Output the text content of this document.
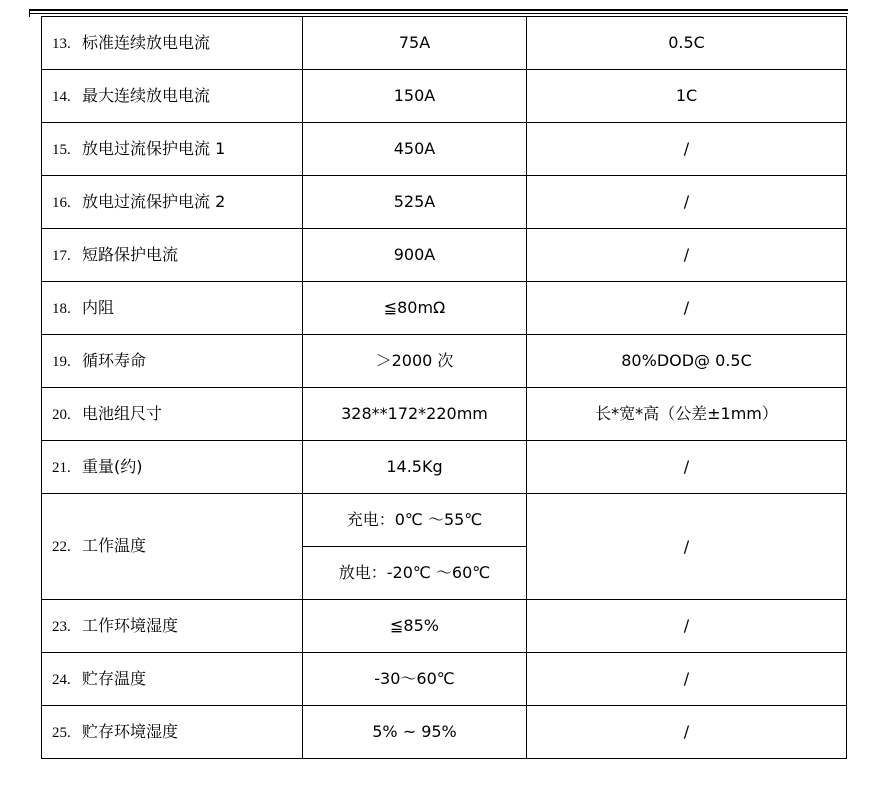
13. 标准连续放电电流	75A	0.5C
14. 最大连续放电电流	150A	1C
15. 放电过流保护电流 1	450A	/
16. 放电过流保护电流 2	525A	/
17. 短路保护电流	900A	/
18. 内阻	≦80mΩ	/
19. 循环寿命	＞2000 次	80%DOD@ 0.5C
20. 电池组尺寸	328**172*220mm	长*宽*高（公差±1mm）
21. 重量(约)	14.5Kg	/
22. 工作温度	充电：0℃ ～55℃	/
	放电：-20℃ ～60℃	
23. 工作环境湿度	≦85%	/
24. 贮存温度	-30～60℃	/
25. 贮存环境湿度	5% ~ 95%	/
